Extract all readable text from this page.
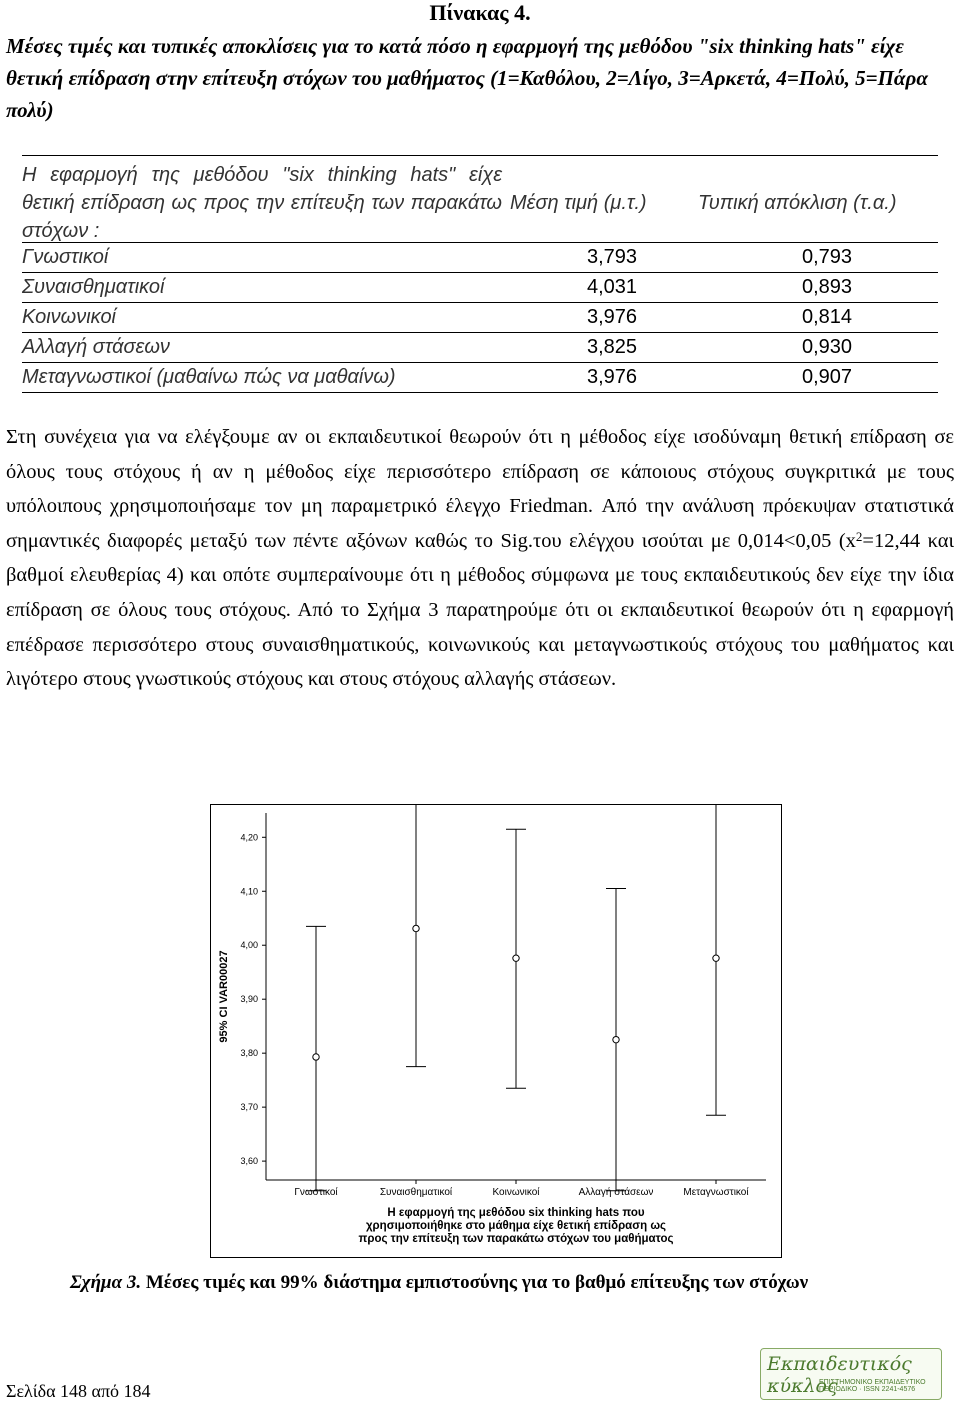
Πίνακας 4.
Μέσες τιμές και τυπικές αποκλίσεις για το κατά πόσο η εφαρμογή της μεθόδου "six thinking hats" είχε θετική επίδραση στην επίτευξη στόχων του μαθήματος (1=Καθόλου, 2=Λίγο, 3=Αρκετά, 4=Πολύ, 5=Πάρα πολύ)
Η εφαρμογή της μεθόδου "six thinking hats" είχε θετική επίδραση ως προς την επίτευξη των παρακάτω στόχων :
Μέση τιμή (μ.τ.)	Τυπική απόκλιση (τ.α.)
Γνωστικοί	3,793	0,793
Συναισθηματικοί	4,031	0,893
Κοινωνικοί	3,976	0,814
Αλλαγή στάσεων	3,825	0,930
Μεταγνωστικοί (μαθαίνω πώς να μαθαίνω)	3,976	0,907
Στη συνέχεια για να ελέγξουμε αν οι εκπαιδευτικοί θεωρούν ότι η μέθοδος είχε ισοδύναμη θετική επίδραση σε όλους τους στόχους ή αν η μέθοδος είχε περισσότερο επίδραση σε κάποιους στόχους συγκριτικά με τους υπόλοιπους χρησιμοποιήσαμε τον μη παραμετρικό έλεγχο Friedman. Από την ανάλυση πρόεκυψαν στατιστικά σημαντικές διαφορές μεταξύ των πέντε αξόνων καθώς το Sig.του ελέγχου ισούται με 0,014<0,05 ($x^2=12,44$ και βαθμοί ελευθερίας 4) και οπότε συμπεραίνουμε ότι η μέθοδος σύμφωνα με τους εκπαιδευτικούς δεν είχε την ίδια επίδραση σε όλους τους στόχους. Από το Σχήμα 3 παρατηρούμε ότι οι εκπαιδευτικοί θεωρούν ότι η εφαρμογή επέδρασε περισσότερο στους συναισθηματικούς, κοινωνικούς και μεταγνωστικούς στόχους του μαθήματος και λιγότερο στους γνωστικούς στόχους και στους στόχους αλλαγής στάσεων.
3,60
3,70
3,80
3,90
4,00
4,10
4,20
95% CI VAR00027
Γνωστικοί	Συναισθηματικοί	Κοινωνικοί	Αλλαγή στάσεων	Μεταγνωστικοί
Η εφαρμογή της μεθόδου six thinking hats που χρησιμοποιήθηκε στο μάθημα είχε θετική επίδραση ως προς την επίτευξη των παρακάτω στόχων του μαθήματος
Σχήμα 3. Μέσες τιμές και 99% διάστημα εμπιστοσύνης για το βαθμό επίτευξης των στόχων
Σελίδα 148 από 184
Εκπαιδευτικός κύκλος
ΕΠΙΣΤΗΜΟΝΙΚΟ ΕΚΠΑΙΔΕΥΤΙΚΟ ΠΕΡΙΟΔΙΚΟ · ISSN 2241-4576
